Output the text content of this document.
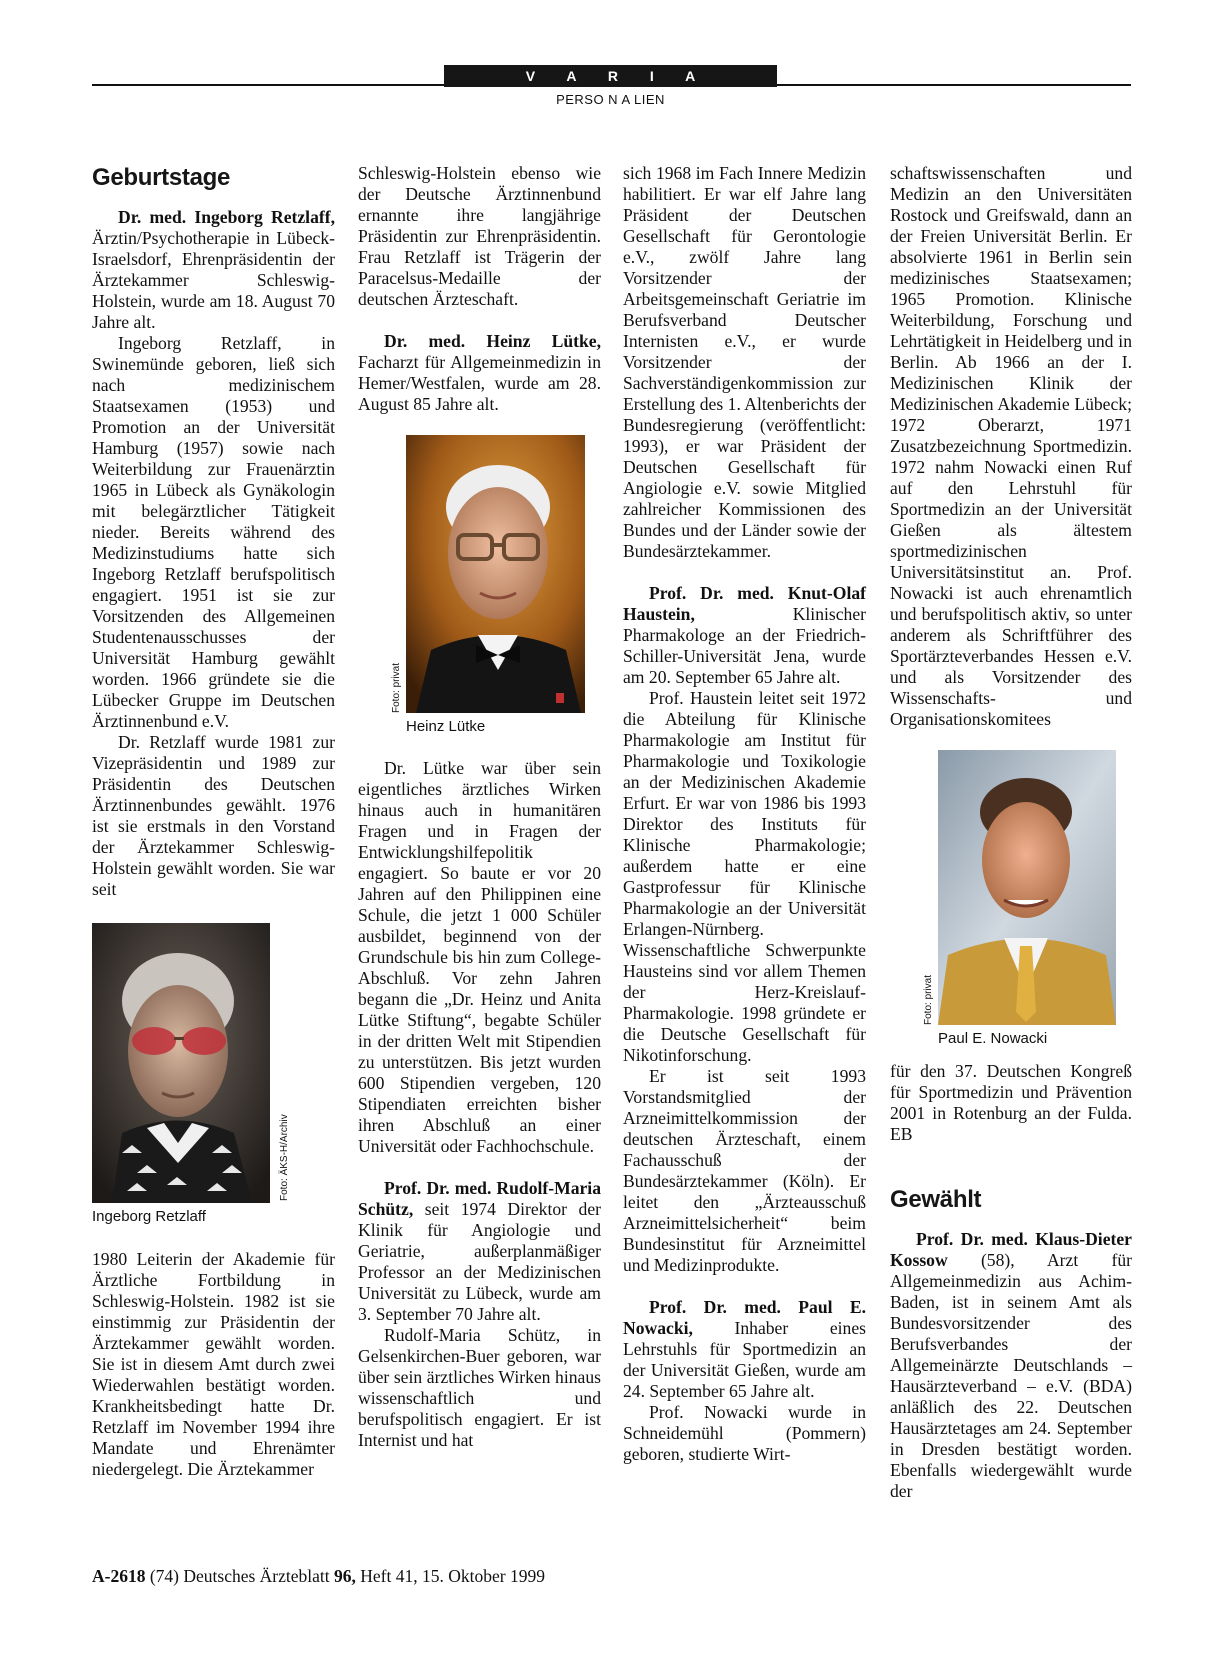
V A R I A
PERSO N A LIEN
Geburtstage

Dr. med. Ingeborg Retzlaff, Ärztin/Psychotherapie in Lübeck-Israelsdorf, Ehrenpräsidentin der Ärztekammer Schleswig-Holstein, wurde am 18. August 70 Jahre alt.

Ingeborg Retzlaff, in Swinemünde geboren, ließ sich nach medizinischem Staatsexamen (1953) und Promotion an der Universität Hamburg (1957) sowie nach Weiterbildung zur Frauenärztin 1965 in Lübeck als Gynäkologin mit belegärztlicher Tätigkeit nieder. Bereits während des Medizinstudiums hatte sich Ingeborg Retzlaff berufspolitisch engagiert. 1951 ist sie zur Vorsitzenden des Allgemeinen Studentenausschusses der Universität Hamburg gewählt worden. 1966 gründete sie die Lübecker Gruppe im Deutschen Ärztinnenbund e.V.

Dr. Retzlaff wurde 1981 zur Vizepräsidentin und 1989 zur Präsidentin des Deutschen Ärztinnenbundes gewählt. 1976 ist sie erstmals in den Vorstand der Ärztekammer Schleswig-Holstein gewählt worden. Sie war seit

Foto: ÄKS-H/Archiv
Ingeborg Retzlaff

1980 Leiterin der Akademie für Ärztliche Fortbildung in Schleswig-Holstein. 1982 ist sie einstimmig zur Präsidentin der Ärztekammer gewählt worden. Sie ist in diesem Amt durch zwei Wiederwahlen bestätigt worden. Krankheitsbedingt hatte Dr. Retzlaff im November 1994 ihre Mandate und Ehrenämter niedergelegt. Die Ärztekammer

Schleswig-Holstein ebenso wie der Deutsche Ärztinnenbund ernannte ihre langjährige Präsidentin zur Ehrenpräsidentin. Frau Retzlaff ist Trägerin der Paracelsus-Medaille der deutschen Ärzteschaft.

Dr. med. Heinz Lütke, Facharzt für Allgemeinmedizin in Hemer/Westfalen, wurde am 28. August 85 Jahre alt.

Foto: privat
Heinz Lütke

Dr. Lütke war über sein eigentliches ärztliches Wirken hinaus auch in humanitären Fragen und in Fragen der Entwicklungshilfepolitik engagiert. So baute er vor 20 Jahren auf den Philippinen eine Schule, die jetzt 1 000 Schüler ausbildet, beginnend von der Grundschule bis hin zum College-Abschluß. Vor zehn Jahren begann die „Dr. Heinz und Anita Lütke Stiftung“, begabte Schüler in der dritten Welt mit Stipendien zu unterstützen. Bis jetzt wurden 600 Stipendien vergeben, 120 Stipendiaten erreichten bisher ihren Abschluß an einer Universität oder Fachhochschule.

Prof. Dr. med. Rudolf-Maria Schütz, seit 1974 Direktor der Klinik für Angiologie und Geriatrie, außerplanmäßiger Professor an der Medizinischen Universität zu Lübeck, wurde am 3. September 70 Jahre alt.

Rudolf-Maria Schütz, in Gelsenkirchen-Buer geboren, war über sein ärztliches Wirken hinaus wissenschaftlich und berufspolitisch engagiert. Er ist Internist und hat

sich 1968 im Fach Innere Medizin habilitiert. Er war elf Jahre lang Präsident der Deutschen Gesellschaft für Gerontologie e.V., zwölf Jahre lang Vorsitzender der Arbeitsgemeinschaft Geriatrie im Berufsverband Deutscher Internisten e.V., er wurde Vorsitzender der Sachverständigenkommission zur Erstellung des 1. Altenberichts der Bundesregierung (veröffentlicht: 1993), er war Präsident der Deutschen Gesellschaft für Angiologie e.V. sowie Mitglied zahlreicher Kommissionen des Bundes und der Länder sowie der Bundesärztekammer.

Prof. Dr. med. Knut-Olaf Haustein, Klinischer Pharmakologe an der Friedrich-Schiller-Universität Jena, wurde am 20. September 65 Jahre alt.

Prof. Haustein leitet seit 1972 die Abteilung für Klinische Pharmakologie am Institut für Pharmakologie und Toxikologie an der Medizinischen Akademie Erfurt. Er war von 1986 bis 1993 Direktor des Instituts für Klinische Pharmakologie; außerdem hatte er eine Gastprofessur für Klinische Pharmakologie an der Universität Erlangen-Nürnberg. Wissenschaftliche Schwerpunkte Hausteins sind vor allem Themen der Herz-Kreislauf-Pharmakologie. 1998 gründete er die Deutsche Gesellschaft für Nikotinforschung.

Er ist seit 1993 Vorstandsmitglied der Arzneimittelkommission der deutschen Ärzteschaft, einem Fachausschuß der Bundesärztekammer (Köln). Er leitet den „Ärzteausschuß Arzneimittelsicherheit“ beim Bundesinstitut für Arzneimittel und Medizinprodukte.

Prof. Dr. med. Paul E. Nowacki, Inhaber eines Lehrstuhls für Sportmedizin an der Universität Gießen, wurde am 24. September 65 Jahre alt.

Prof. Nowacki wurde in Schneidemühl (Pommern) geboren, studierte Wirt-

schaftswissenschaften und Medizin an den Universitäten Rostock und Greifswald, dann an der Freien Universität Berlin. Er absolvierte 1961 in Berlin sein medizinisches Staatsexamen; 1965 Promotion. Klinische Weiterbildung, Forschung und Lehrtätigkeit in Heidelberg und in Berlin. Ab 1966 an der I. Medizinischen Klinik der Medizinischen Akademie Lübeck; 1972 Oberarzt, 1971 Zusatzbezeichnung Sportmedizin. 1972 nahm Nowacki einen Ruf auf den Lehrstuhl für Sportmedizin an der Universität Gießen als ältestem sportmedizinischen Universitätsinstitut an. Prof. Nowacki ist auch ehrenamtlich und berufspolitisch aktiv, so unter anderem als Schriftführer des Sportärzteverbandes Hessen e.V. und als Vorsitzender des Wissenschafts- und Organisationskomitees

Foto: privat
Paul E. Nowacki

für den 37. Deutschen Kongreß für Sportmedizin und Prävention 2001 in Rotenburg an der Fulda. EB

Gewählt

Prof. Dr. med. Klaus-Dieter Kossow (58), Arzt für Allgemeinmedizin aus Achim-Baden, ist in seinem Amt als Bundesvorsitzender des Berufsverbandes der Allgemeinärzte Deutschlands – Hausärzteverband – e.V. (BDA) anläßlich des 22. Deutschen Hausärztetages am 24. September in Dresden bestätigt worden. Ebenfalls wiedergewählt wurde der

A-2618 (74) Deutsches Ärzteblatt 96, Heft 41, 15. Oktober 1999
